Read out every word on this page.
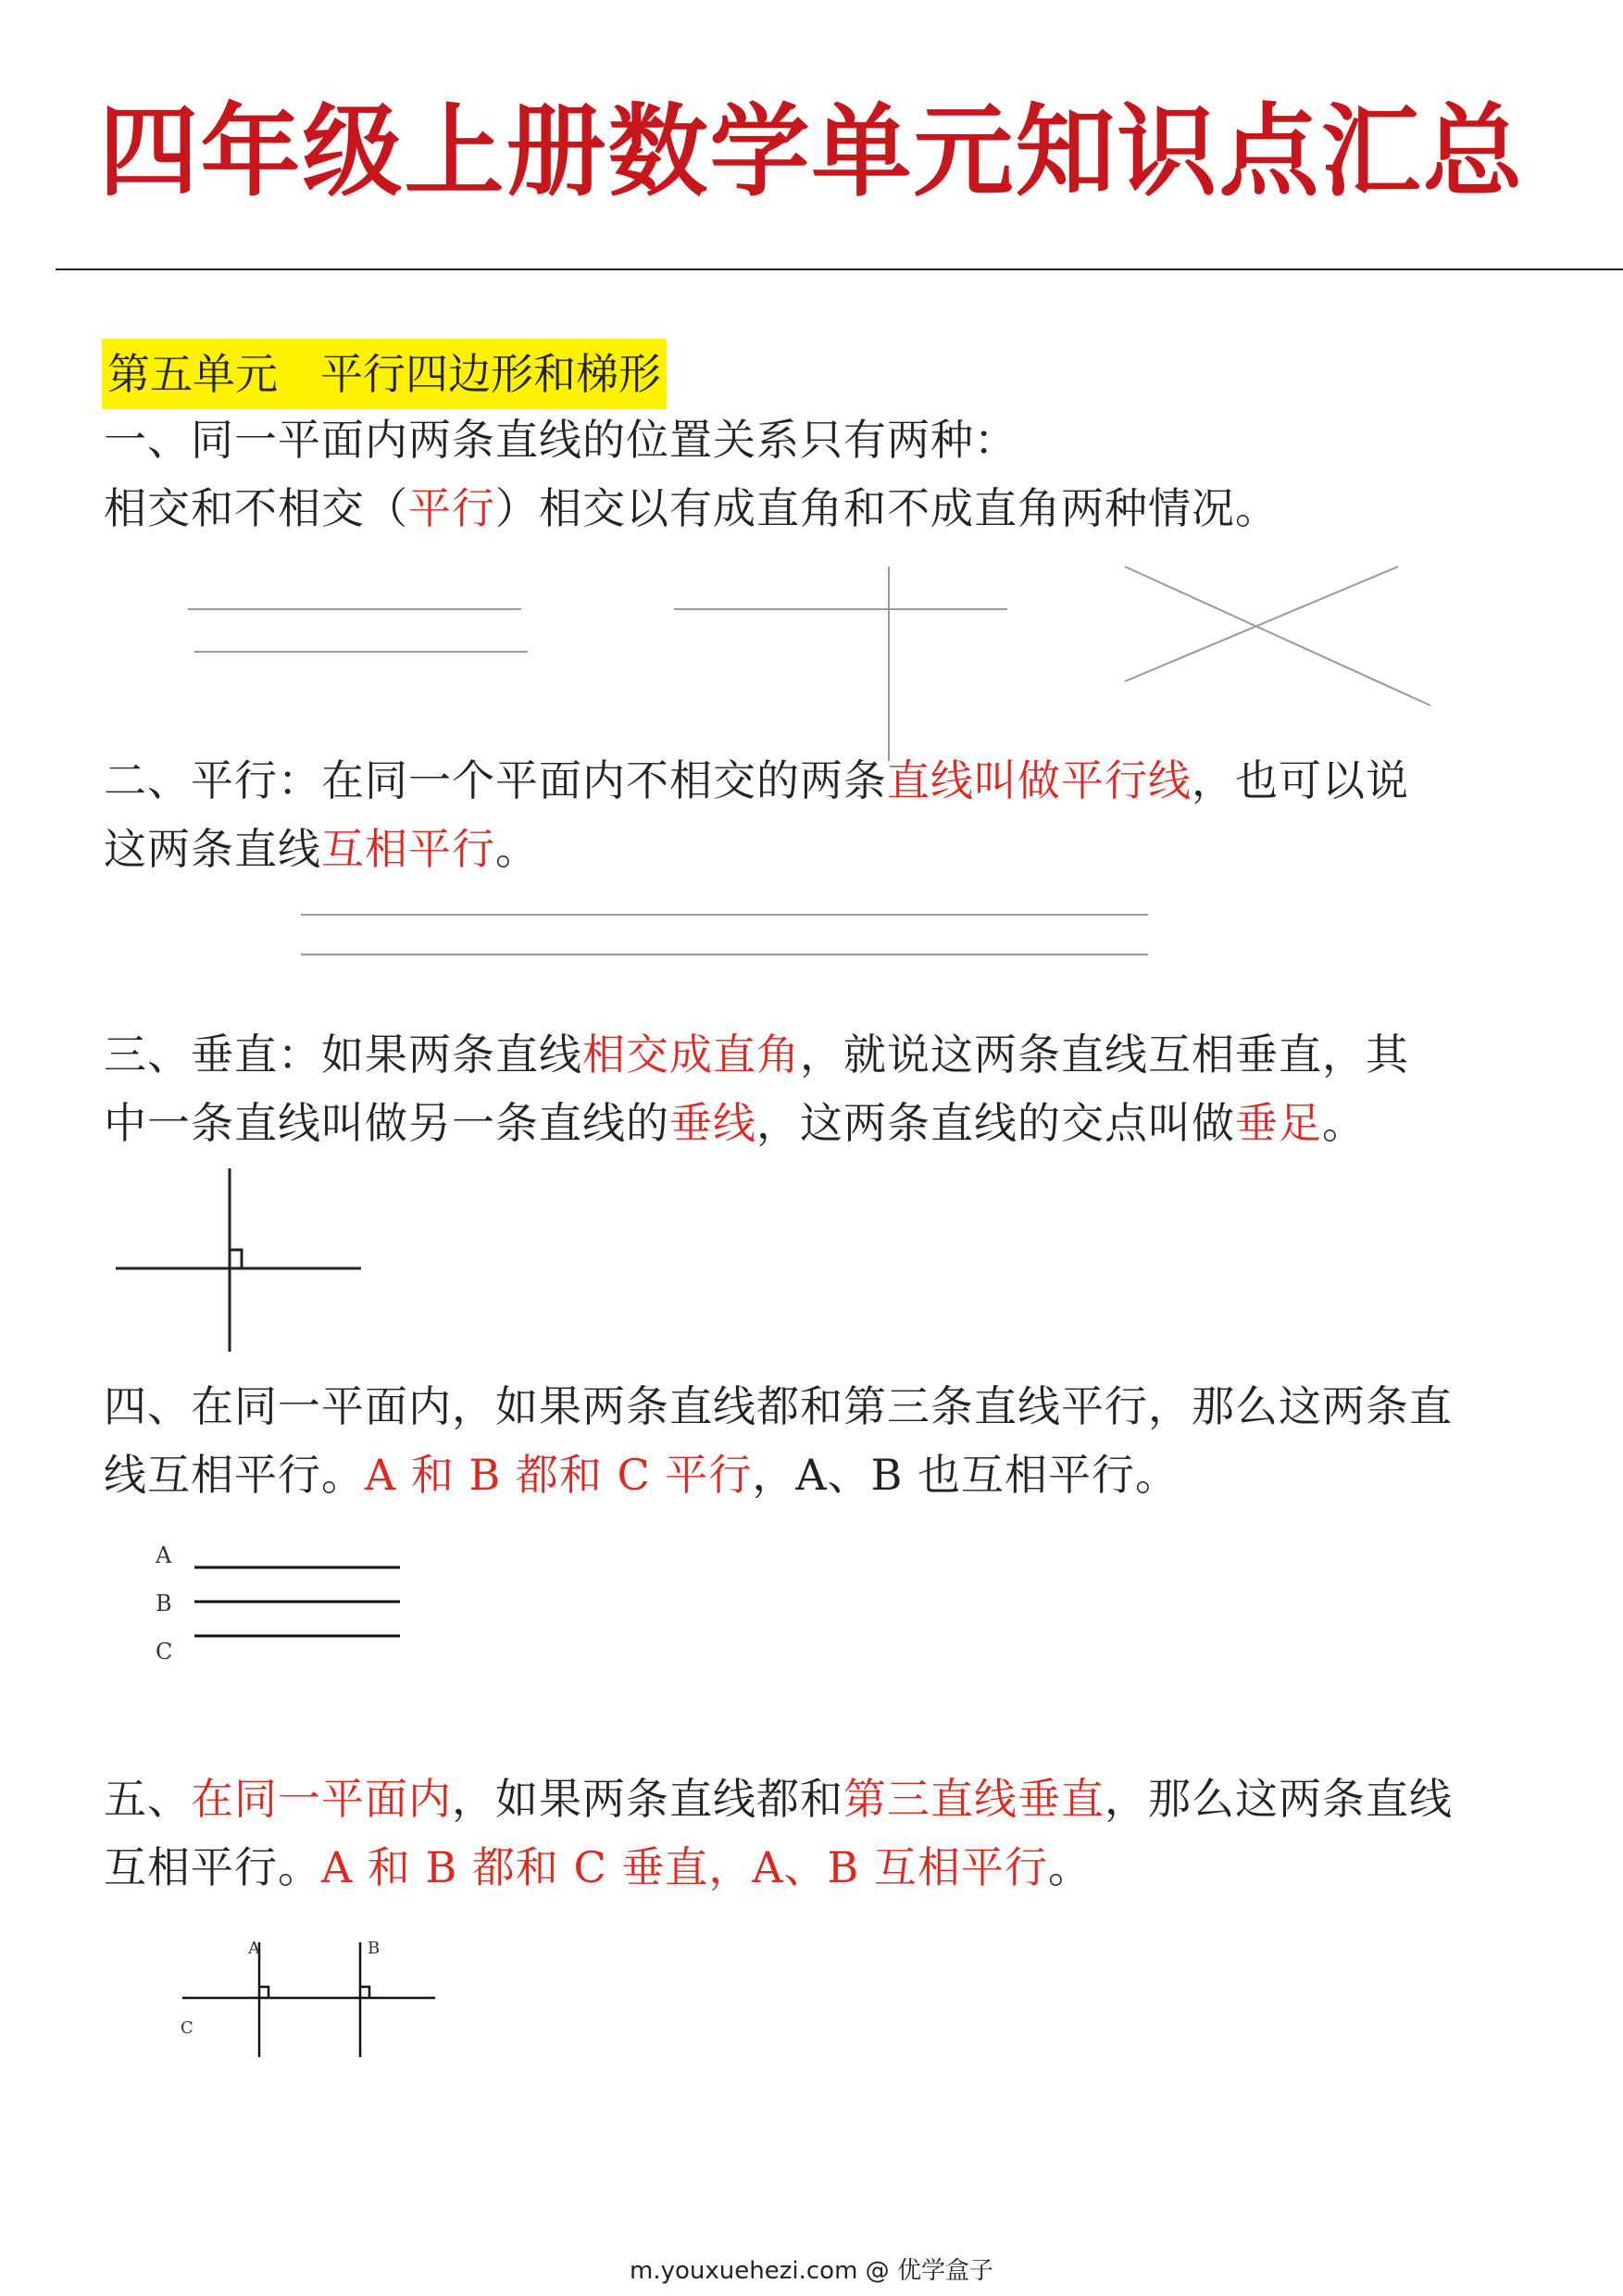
四年级上册数学单元知识点汇总
第五单元　平行四边形和梯形
一、同一平面内两条直线的位置关系只有两种：
相交和不相交（平行）相交以有成直角和不成直角两种情况。
A
B
C
A	B
C
二、平行：在同一个平面内不相交的两条直线叫做平行线，也可以说
这两条直线互相平行。
三、垂直：如果两条直线相交成直角，就说这两条直线互相垂直，其
中一条直线叫做另一条直线的垂线，这两条直线的交点叫做垂足。
四、在同一平面内，如果两条直线都和第三条直线平行，那么这两条直
线互相平行。A 和 B 都和 C 平行，A、B 也互相平行。
五、在同一平面内，如果两条直线都和第三直线垂直，那么这两条直线
互相平行。A 和 B 都和 C 垂直，A、B 互相平行。
m.youxuehezi.com @ 优学盒子
